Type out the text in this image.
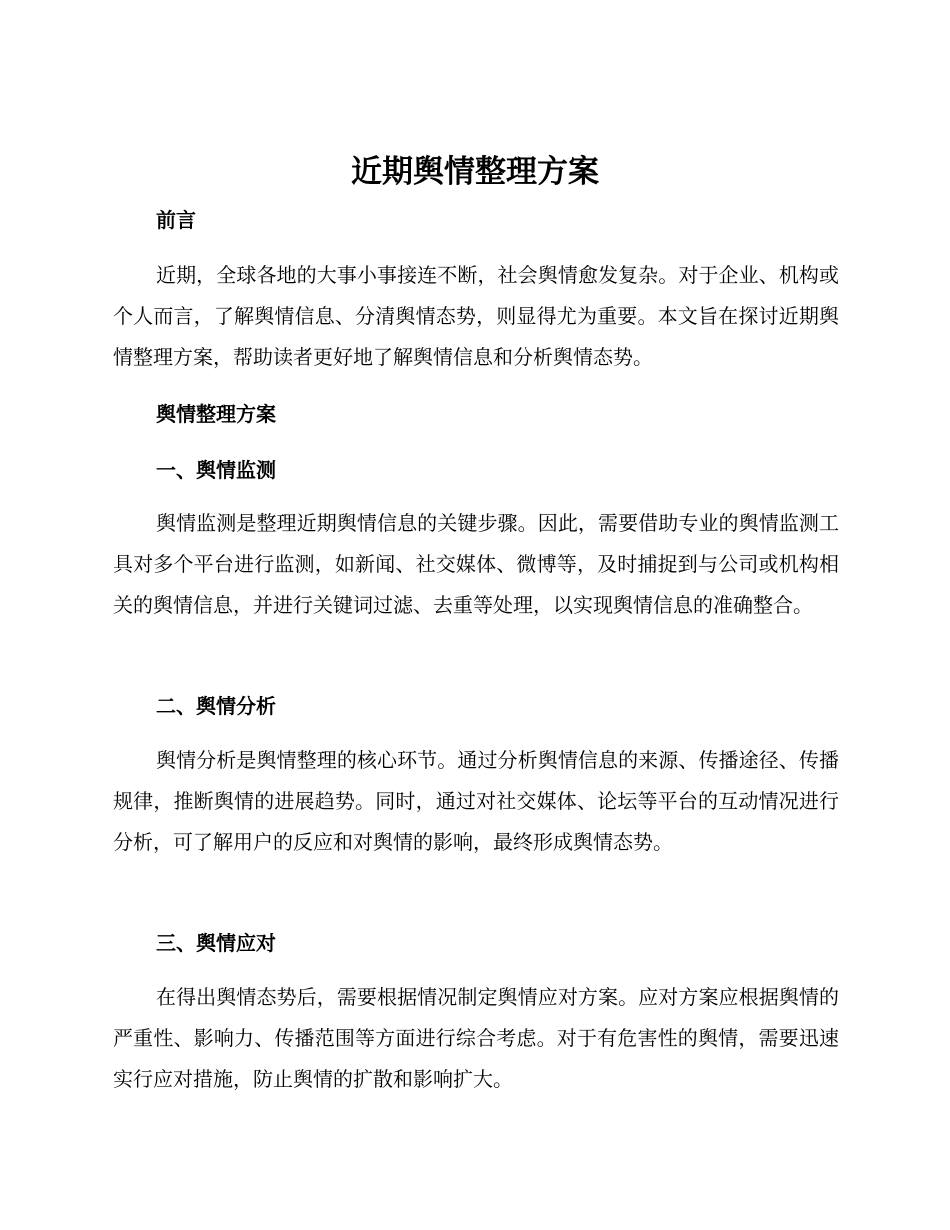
近期舆情整理方案
前言

近期，全球各地的大事小事接连不断，社会舆情愈发复杂。对于企业、机构或个人而言，了解舆情信息、分清舆情态势，则显得尤为重要。本文旨在探讨近期舆情整理方案，帮助读者更好地了解舆情信息和分析舆情态势。

舆情整理方案
一、舆情监测

舆情监测是整理近期舆情信息的关键步骤。因此，需要借助专业的舆情监测工具对多个平台进行监测，如新闻、社交媒体、微博等，及时捕捉到与公司或机构相关的舆情信息，并进行关键词过滤、去重等处理，以实现舆情信息的准确整合。

二、舆情分析

舆情分析是舆情整理的核心环节。通过分析舆情信息的来源、传播途径、传播规律，推断舆情的进展趋势。同时，通过对社交媒体、论坛等平台的互动情况进行分析，可了解用户的反应和对舆情的影响，最终形成舆情态势。

三、舆情应对

在得出舆情态势后，需要根据情况制定舆情应对方案。应对方案应根据舆情的严重性、影响力、传播范围等方面进行综合考虑。对于有危害性的舆情，需要迅速实行应对措施，防止舆情的扩散和影响扩大。
